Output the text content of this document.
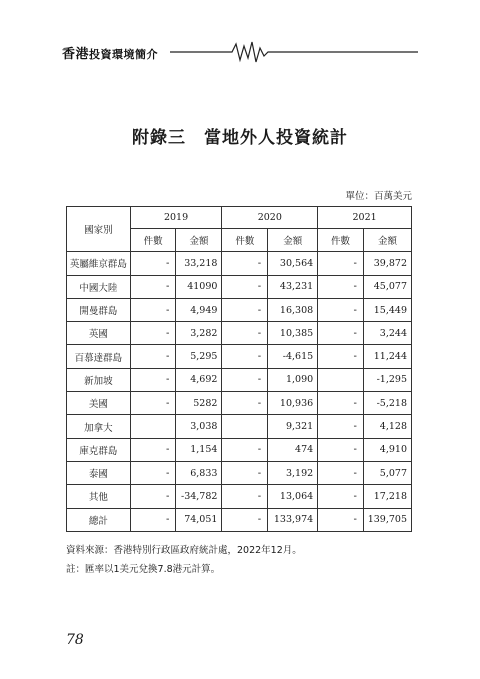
香港投資環境簡介
附錄三　當地外人投資統計
單位：百萬美元
國家別	2019		2020		2021	
	件數	金額	件數	金額	件數	金額
英屬維京群島	-	33,218	-	30,564	-	39,872
中國大陸	-	41090	-	43,231	-	45,077
開曼群島	-	4,949	-	16,308	-	15,449
英國	-	3,282	-	10,385	-	3,244
百慕達群島	-	5,295	-	-4,615	-	11,244
新加坡	-	4,692	-	1,090		-1,295
美國	-	5282	-	10,936	-	-5,218
加拿大		3,038		9,321	-	4,128
庫克群島	-	1,154	-	474	-	4,910
泰國	-	6,833	-	3,192	-	5,077
其他	-	-34,782	-	13,064	-	17,218
總計	-	74,051	-	133,974	-	139,705
資料來源：香港特別行政區政府統計處，2022年12月。
註：匯率以1美元兌換7.8港元計算。
78
